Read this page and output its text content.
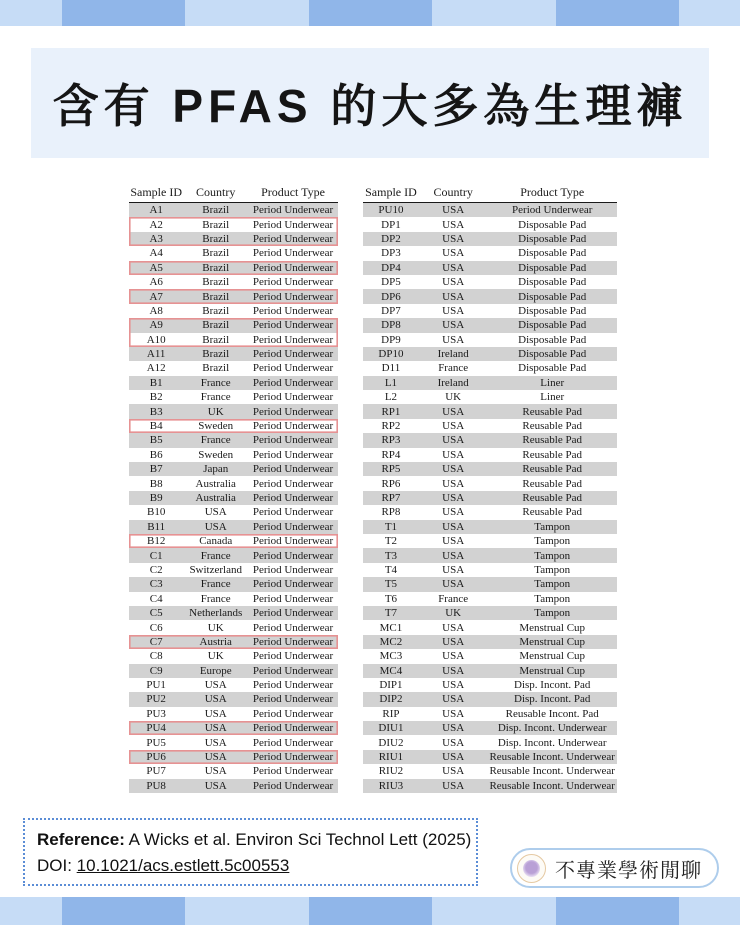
含有 PFAS 的大多為生理褲
Sample ID	Country	Product Type
A1	Brazil	Period Underwear
A2	Brazil	Period Underwear
A3	Brazil	Period Underwear
A4	Brazil	Period Underwear
A5	Brazil	Period Underwear
A6	Brazil	Period Underwear
A7	Brazil	Period Underwear
A8	Brazil	Period Underwear
A9	Brazil	Period Underwear
A10	Brazil	Period Underwear
A11	Brazil	Period Underwear
A12	Brazil	Period Underwear
B1	France	Period Underwear
B2	France	Period Underwear
B3	UK	Period Underwear
B4	Sweden	Period Underwear
B5	France	Period Underwear
B6	Sweden	Period Underwear
B7	Japan	Period Underwear
B8	Australia	Period Underwear
B9	Australia	Period Underwear
B10	USA	Period Underwear
B11	USA	Period Underwear
B12	Canada	Period Underwear
C1	France	Period Underwear
C2	Switzerland Period Underwear
C3	France	Period Underwear
C4	France	Period Underwear
C5	Netherlands Period Underwear
C6	UK	Period Underwear
C7	Austria	Period Underwear
C8	UK	Period Underwear
C9	Europe	Period Underwear
PU1	USA	Period Underwear
PU2	USA	Period Underwear
PU3	USA	Period Underwear
PU4	USA	Period Underwear
PU5	USA	Period Underwear
PU6	USA	Period Underwear
PU7	USA	Period Underwear
PU8	USA	Period Underwear
Sample ID	Country	Product Type
PU10	USA	Period Underwear
DP1	USA	Disposable Pad
DP2	USA	Disposable Pad
DP3	USA	Disposable Pad
DP4	USA	Disposable Pad
DP5	USA	Disposable Pad
DP6	USA	Disposable Pad
DP7	USA	Disposable Pad
DP8	USA	Disposable Pad
DP9	USA	Disposable Pad
DP10	Ireland	Disposable Pad
D11	France	Disposable Pad
L1	Ireland	Liner
L2	UK	Liner
RP1	USA	Reusable Pad
RP2	USA	Reusable Pad
RP3	USA	Reusable Pad
RP4	USA	Reusable Pad
RP5	USA	Reusable Pad
RP6	USA	Reusable Pad
RP7	USA	Reusable Pad
RP8	USA	Reusable Pad
T1	USA	Tampon
T2	USA	Tampon
T3	USA	Tampon
T4	USA	Tampon
T5	USA	Tampon
T6	France	Tampon
T7	UK	Tampon
MC1	USA	Menstrual Cup
MC2	USA	Menstrual Cup
MC3	USA	Menstrual Cup
MC4	USA	Menstrual Cup
DIP1	USA	Disp. Incont. Pad
DIP2	USA	Disp. Incont. Pad
RIP	USA	Reusable Incont. Pad
DIU1	USA	Disp. Incont. Underwear
DIU2	USA	Disp. Incont. Underwear
RIU1	USA	Reusable Incont. Underwear
RIU2	USA	Reusable Incont. Underwear
RIU3	USA	Reusable Incont. Underwear
Reference: A Wicks et al. Environ Sci Technol Lett (2025)
DOI: 10.1021/acs.estlett.5c00553	不專業學術閒聊
